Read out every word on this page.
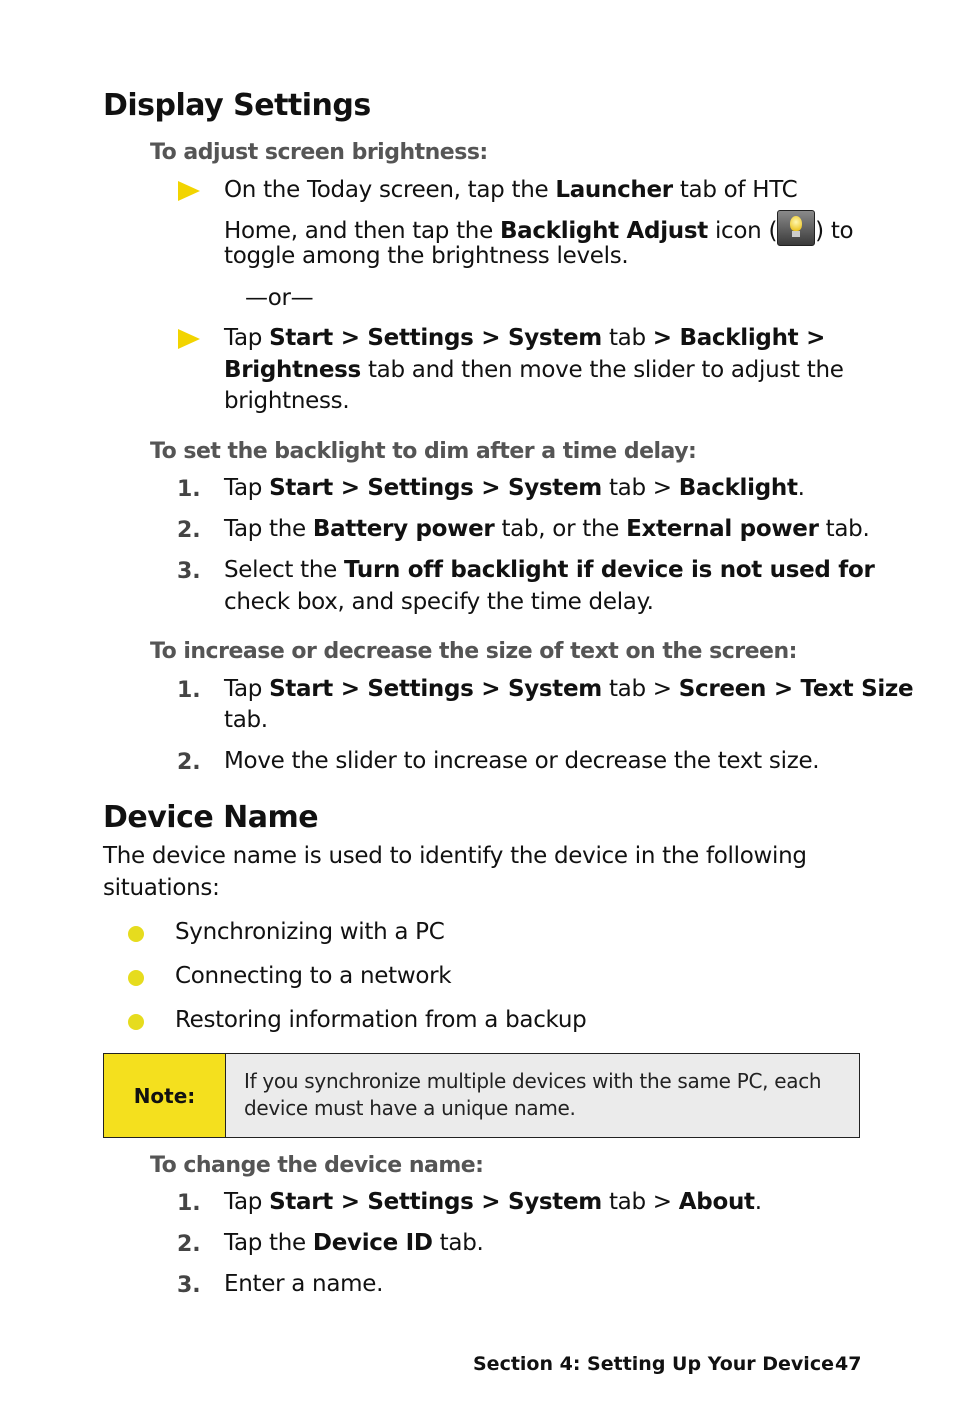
Display Settings
To adjust screen brightness:
On the Today screen, tap the Launcher tab of HTC
Home, and then tap the Backlight Adjust icon ( ) to
toggle among the brightness levels.
—or—
Tap Start > Settings > System tab > Backlight >
Brightness tab and then move the slider to adjust the
brightness.
To set the backlight to dim after a time delay:
1. Tap Start > Settings > System tab > Backlight.
2. Tap the Battery power tab, or the External power tab.
3. Select the Turn off backlight if device is not used for
check box, and specify the time delay.
To increase or decrease the size of text on the screen:
1. Tap Start > Settings > System tab > Screen > Text Size
tab.
2. Move the slider to increase or decrease the text size.
Device Name
The device name is used to identify the device in the following
situations:
Synchronizing with a PC
Connecting to a network
Restoring information from a backup
Note:
If you synchronize multiple devices with the same PC, each device must have a unique name.
To change the device name:
1. Tap Start > Settings > System tab > About.
2. Tap the Device ID tab.
3. Enter a name.
Section 4: Setting Up Your Device 47
